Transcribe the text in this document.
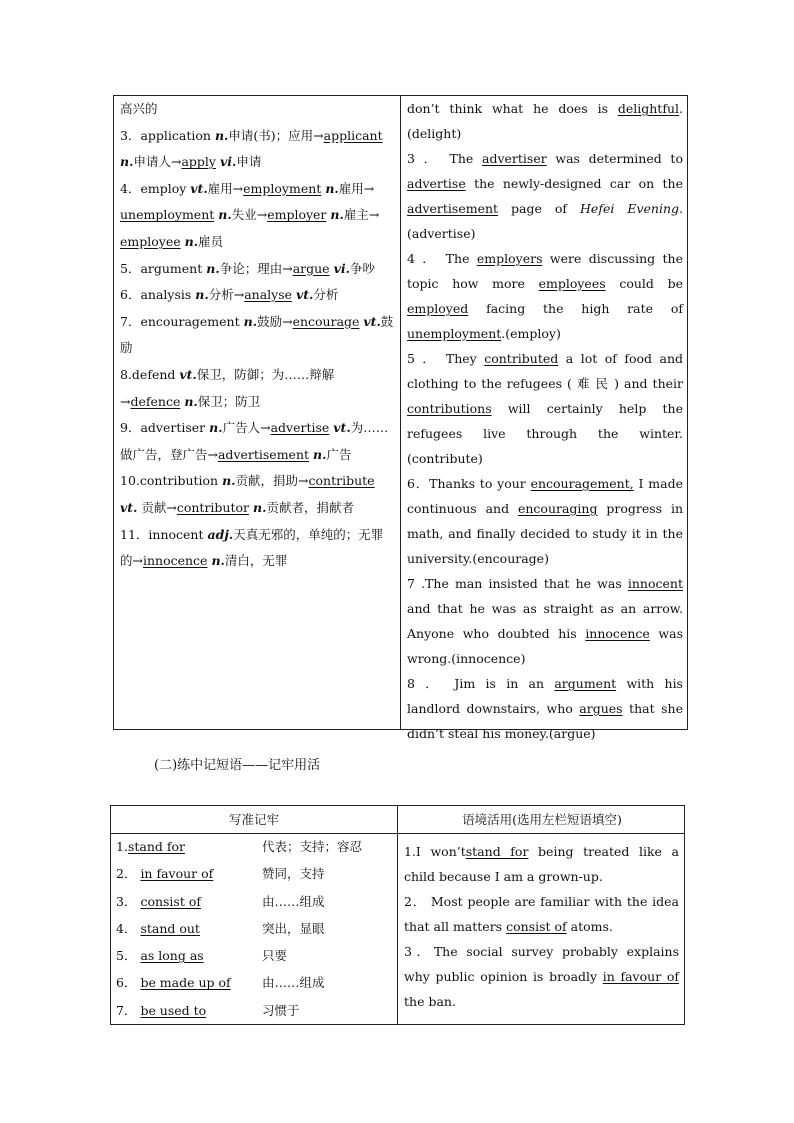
高兴的

3．application n.申请(书)；应用→applicant n.申请人→apply vi.申请

4．employ vt.雇用→employment n.雇用→ unemployment n.失业→employer n.雇主→ employee n.雇员

5．argument n.争论；理由→argue vi.争吵

6．analysis n.分析→analyse vt.分析

7．encouragement n.鼓励→encourage vt.鼓励

8.defend vt.保卫，防御；为……辩解→defence n.保卫；防卫

9．advertiser n.广告人→advertise vt.为……做广告，登广告→advertisement n.广告

10.contribution n.贡献，捐助→contribute vt. 贡献→contributor n.贡献者，捐献者

11．innocent adj.天真无邪的，单纯的；无罪的→innocence n.清白，无罪

don’t think what he does is delightful.(delight)

3 ． The advertiser was determined to advertise the newly-designed car on the advertisement page of Hefei Evening.(advertise)

4 ． The employers were discussing the topic how more employees could be employed facing the high rate of unemployment.(employ)

5 ． They contributed a lot of food and clothing to the refugees ( 难 民 ) and their contributions will certainly help the refugees live through the winter.(contribute)

6．Thanks to your encouragement, I made continuous and encouraging progress in math, and finally decided to study it in the university.(encourage)

7 .The man insisted that he was innocent and that he was as straight as an arrow. Anyone who doubted his innocence was wrong.(innocence)

8 ． Jim is in an argument with his landlord downstairs, who argues that she didn’t steal his money.(argue)

(二)练中记短语——记牢用活
写准记牢	语境活用(选用左栏短语填空)
1.stand for	代表；支持；容忍
2． in favour of	赞同，支持
3． consist of	由……组成
4． stand out	突出，显眼
5． as long as	只要
6． be made up of	由……组成
7． be used to	习惯于

1.I won’tstand for being treated like a child because I am a grown-up.

2． Most people are familiar with the idea that all matters consist of atoms.

3．The social survey probably explains why public opinion is broadly in favour of the ban.
